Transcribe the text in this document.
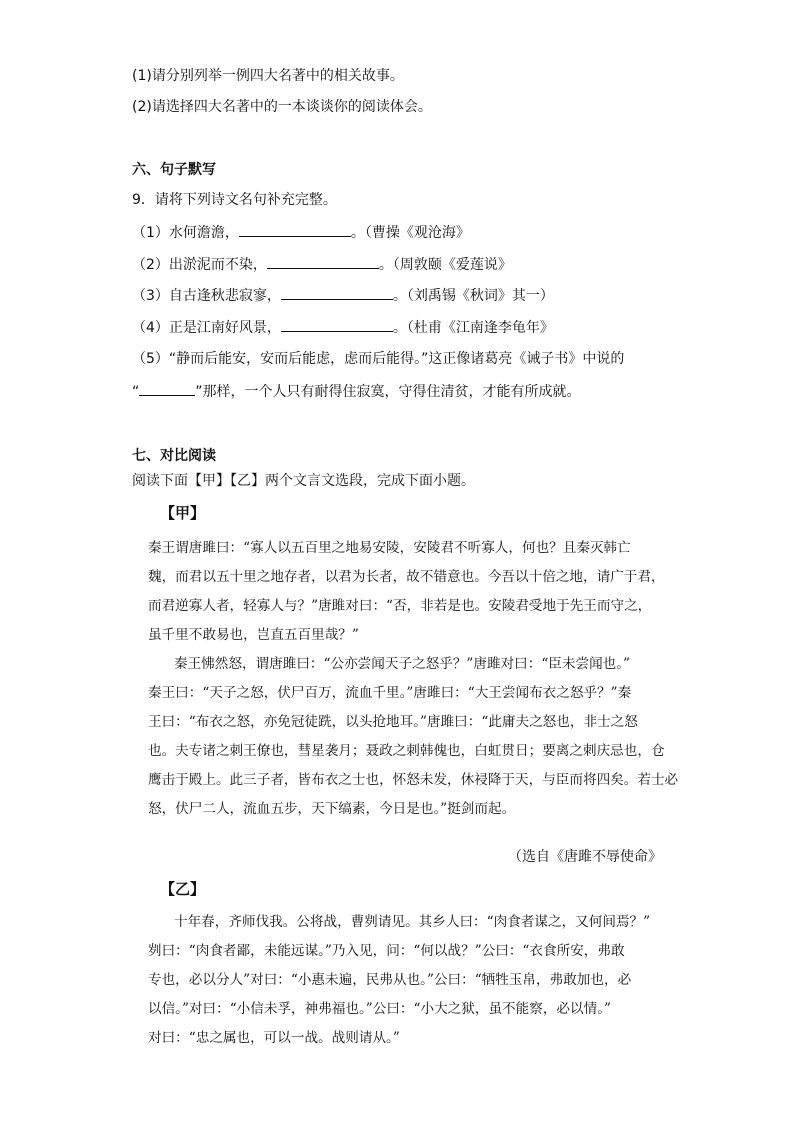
(1)请分别列举一例四大名著中的相关故事。
(2)请选择四大名著中的一本谈谈你的阅读体会。
六、句子默写
9．请将下列诗文名句补充完整。
（1）水何澹澹，	。（曹操《观沧海》
（2）出淤泥而不染，	。（周敦颐《爱莲说》
（3）自古逢秋悲寂寥，	。（刘禹锡《秋词》其一）
（4）正是江南好风景，	。（杜甫《江南逢李龟年》
（5）“静而后能安，安而后能虑，虑而后能得。”这正像诸葛亮《诫子书》中说的
“	”那样，一个人只有耐得住寂寞，守得住清贫，才能有所成就。
七、对比阅读
阅读下面【甲】【乙】两个文言文选段，完成下面小题。
【甲】
秦王谓唐雎曰：“寡人以五百里之地易安陵，安陵君不听寡人，何也？且秦灭韩亡
魏，而君以五十里之地存者，以君为长者，故不错意也。今吾以十倍之地，请广于君，
而君逆寡人者，轻寡人与？”唐雎对曰：“否，非若是也。安陵君受地于先王而守之，
虽千里不敢易也，岂直五百里哉？”
秦王怫然怒，谓唐雎曰：“公亦尝闻天子之怒乎？”唐雎对曰：“臣未尝闻也。”
秦王曰：“天子之怒，伏尸百万，流血千里。”唐雎曰：“大王尝闻布衣之怒乎？”秦
王曰：“布衣之怒，亦免冠徒跣，以头抢地耳。”唐雎曰：“此庸夫之怒也，非士之怒
也。夫专诸之刺王僚也，彗星袭月；聂政之刺韩傀也，白虹贯日；要离之刺庆忌也，仓
鹰击于殿上。此三子者，皆布衣之士也，怀怒未发，休祲降于天，与臣而将四矣。若士必
怒，伏尸二人，流血五步，天下缟素，今日是也。”挺剑而起。
（选自《唐雎不辱使命》
【乙】
十年春，齐师伐我。公将战，曹刿请见。其乡人曰：“肉食者谋之，又何间焉？”
刿曰：“肉食者鄙，未能远谋。”乃入见，问：“何以战？”公曰：“衣食所安，弗敢
专也，必以分人”对曰：“小惠未遍，民弗从也。”公曰：“牺牲玉帛，弗敢加也，必
以信。”对曰：“小信未孚，神弗福也。”公曰：“小大之狱，虽不能察，必以情。”
对曰：“忠之属也，可以一战。战则请从。”
